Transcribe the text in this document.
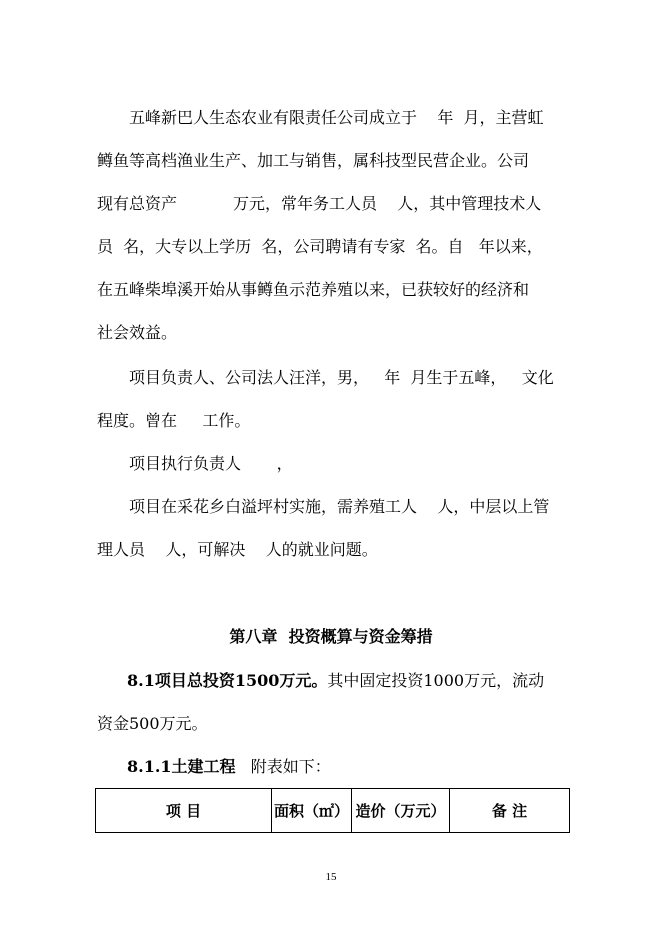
五峰新巴人生态农业有限责任公司成立于    年  月，主营虹

鳟鱼等高档渔业生产、加工与销售，属科技型民营企业。公司

现有总资产           万元，常年务工人员    人，其中管理技术人

员  名，大专以上学历  名，公司聘请有专家  名。自   年以来，

在五峰柴埠溪开始从事鳟鱼示范养殖以来，已获较好的经济和

社会效益。

项目负责人、公司法人汪洋，男，   年  月生于五峰，   文化

程度。曾在     工作。

项目执行负责人       ，

项目在采花乡白溢坪村实施，需养殖工人    人，中层以上管

理人员    人，可解决    人的就业问题。

第八章  投资概算与资金筹措

8.1项目总投资1500万元。其中固定投资1000万元，流动

资金500万元。

8.1.1土建工程   附表如下：

项 目	面积（㎡）	造价（万元）	备 注
15
